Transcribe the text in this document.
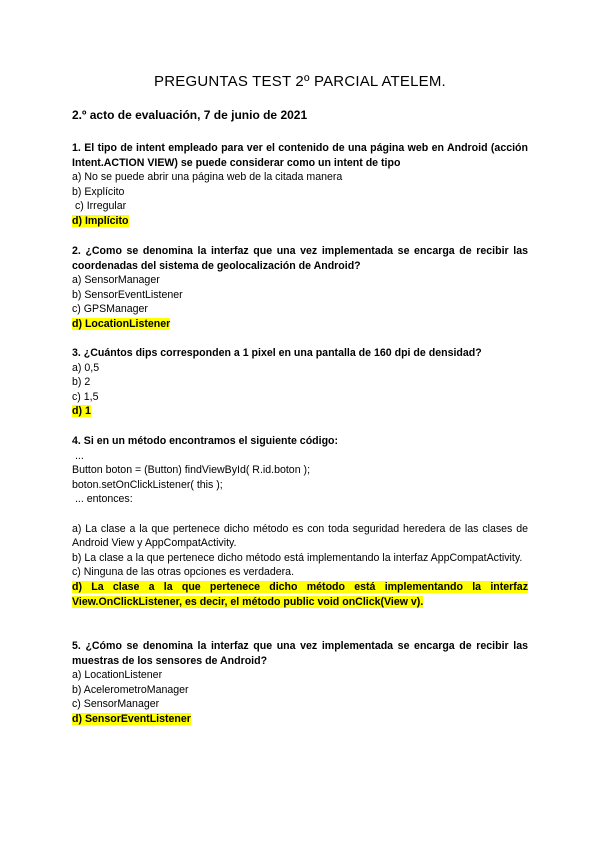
PREGUNTAS TEST 2º PARCIAL ATELEM.
2.º acto de evaluación, 7 de junio de 2021
1. El tipo de intent empleado para ver el contenido de una página web en Android (acción Intent.ACTION VIEW) se puede considerar como un intent de tipo
a) No se puede abrir una página web de la citada manera
b) Explícito
c) Irregular
d) Implícito
2. ¿Como se denomina la interfaz que una vez implementada se encarga de recibir las coordenadas del sistema de geolocalización de Android?
a) SensorManager
b) SensorEventListener
c) GPSManager
d) LocationListener
3. ¿Cuántos dips corresponden a 1 pixel en una pantalla de 160 dpi de densidad?
a) 0,5
b) 2
c) 1,5
d) 1
4. Si en un método encontramos el siguiente código:
...
Button boton = (Button) findViewById( R.id.boton );
boton.setOnClickListener( this );
... entonces:
a) La clase a la que pertenece dicho método es con toda seguridad heredera de las clases de Android View y AppCompatActivity.
b) La clase a la que pertenece dicho método está implementando la interfaz AppCompatActivity.
c) Ninguna de las otras opciones es verdadera.
d) La clase a la que pertenece dicho método está implementando la interfaz View.OnClickListener, es decir, el método public void onClick(View v).
5. ¿Cómo se denomina la interfaz que una vez implementada se encarga de recibir las muestras de los sensores de Android?
a) LocationListener
b) AcelerometroManager
c) SensorManager
d) SensorEventListener
